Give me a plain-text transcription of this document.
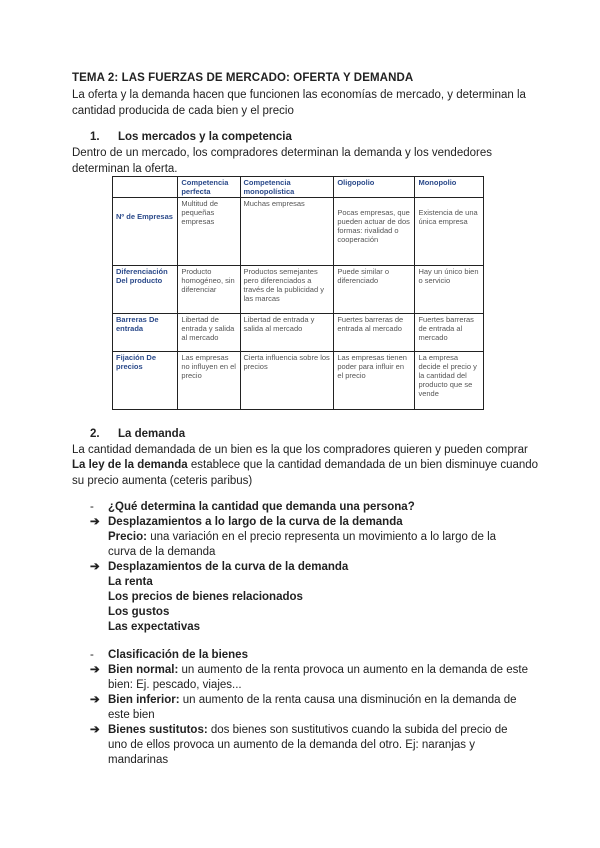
TEMA 2: LAS FUERZAS DE MERCADO: OFERTA Y DEMANDA
La oferta y la demanda hacen que funcionen las economías de mercado, y determinan la cantidad producida de cada bien y el precio
1. Los mercados y la competencia
Dentro de un mercado, los compradores determinan la demanda y los vendedores determinan la oferta.
	Competencia perfecta	Competencia monopolística	Oligopolio	Monopolio
Nº de Empresas	Multitud de pequeñas empresas	Muchas empresas	Pocas empresas, que pueden actuar de dos formas: rivalidad o cooperación	Existencia de una única empresa
Diferenciación Del producto	Producto homogéneo, sin diferenciar	Productos semejantes pero diferenciados a través de la publicidad y las marcas	Puede similar o diferenciado	Hay un único bien o servicio
Barreras De entrada	Libertad de entrada y salida al mercado	Libertad de entrada y salida al mercado	Fuertes barreras de entrada al mercado	Fuertes barreras de entrada al mercado
Fijación De precios	Las empresas no influyen en el precio	Cierta influencia sobre los precios	Las empresas tienen poder para influir en el precio	La empresa decide el precio y la cantidad del producto que se vende
2. La demanda
La cantidad demandada de un bien es la que los compradores quieren y pueden comprar
La ley de la demanda establece que la cantidad demandada de un bien disminuye cuando su precio aumenta (ceteris paribus)
- ¿Qué determina la cantidad que demanda una persona?
➔ Desplazamientos a lo largo de la curva de la demanda
Precio: una variación en el precio representa un movimiento a lo largo de la curva de la demanda
➔ Desplazamientos de la curva de la demanda
La renta
Los precios de bienes relacionados
Los gustos
Las expectativas
- Clasificación de la bienes
➔ Bien normal: un aumento de la renta provoca un aumento en la demanda de este bien: Ej. pescado, viajes...
➔ Bien inferior: un aumento de la renta causa una disminución en la demanda de este bien
➔ Bienes sustitutos: dos bienes son sustitutivos cuando la subida del precio de uno de ellos provoca un aumento de la demanda del otro. Ej: naranjas y mandarinas
